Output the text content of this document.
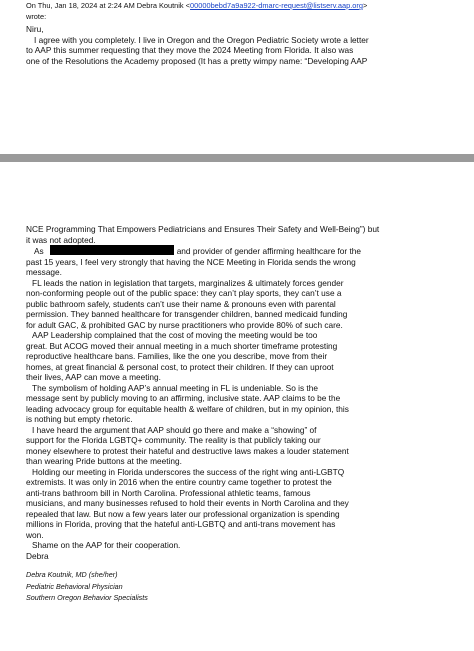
On Thu, Jan 18, 2024 at 2:24 AM Debra Koutnik <00000bebd7a9a922-dmarc-request@listserv.aap.org>
wrote:
Niru,
I agree with you completely. I live in Oregon and the Oregon Pediatric Society wrote a letter
to AAP this summer requesting that they move the 2024 Meeting from Florida. It also was
one of the Resolutions the Academy proposed (It has a pretty wimpy name: “Developing AAP
NCE Programming That Empowers Pediatricians and Ensures Their Safety and Well-Being”) but
it was not adopted.
As	and provider of gender affirming healthcare for the
past 15 years, I feel very strongly that having the NCE Meeting in Florida sends the wrong
message.
FL leads the nation in legislation that targets, marginalizes & ultimately forces gender
non-conforming people out of the public space: they can’t play sports, they can’t use a
public bathroom safely, students can’t use their name & pronouns even with parental
permission. They banned healthcare for transgender children, banned medicaid funding
for adult GAC, & prohibited GAC by nurse practitioners who provide 80% of such care.
AAP Leadership complained that the cost of moving the meeting would be too
great. But ACOG moved their annual meeting in a much shorter timeframe protesting
reproductive healthcare bans. Families, like the one you describe, move from their
homes, at great financial & personal cost, to protect their children. If they can uproot
their lives, AAP can move a meeting.
The symbolism of holding AAP’s annual meeting in FL is undeniable. So is the
message sent by publicly moving to an affirming, inclusive state. AAP claims to be the
leading advocacy group for equitable health & welfare of children, but in my opinion, this
is nothing but empty rhetoric.
I have heard the argument that AAP should go there and make a “showing” of
support for the Florida LGBTQ+ community. The reality is that publicly taking our
money elsewhere to protest their hateful and destructive laws makes a louder statement
than wearing Pride buttons at the meeting.
Holding our meeting in Florida underscores the success of the right wing anti-LGBTQ
extremists. It was only in 2016 when the entire country came together to protest the
anti-trans bathroom bill in North Carolina. Professional athletic teams, famous
musicians, and many businesses refused to hold their events in North Carolina and they
repealed that law. But now a few years later our professional organization is spending
millions in Florida, proving that the hateful anti-LGBTQ and anti-trans movement has
won.
Shame on the AAP for their cooperation.
Debra
Debra Koutnik, MD (she/her)
Pediatric Behavioral Physician
Southern Oregon Behavior Specialists
